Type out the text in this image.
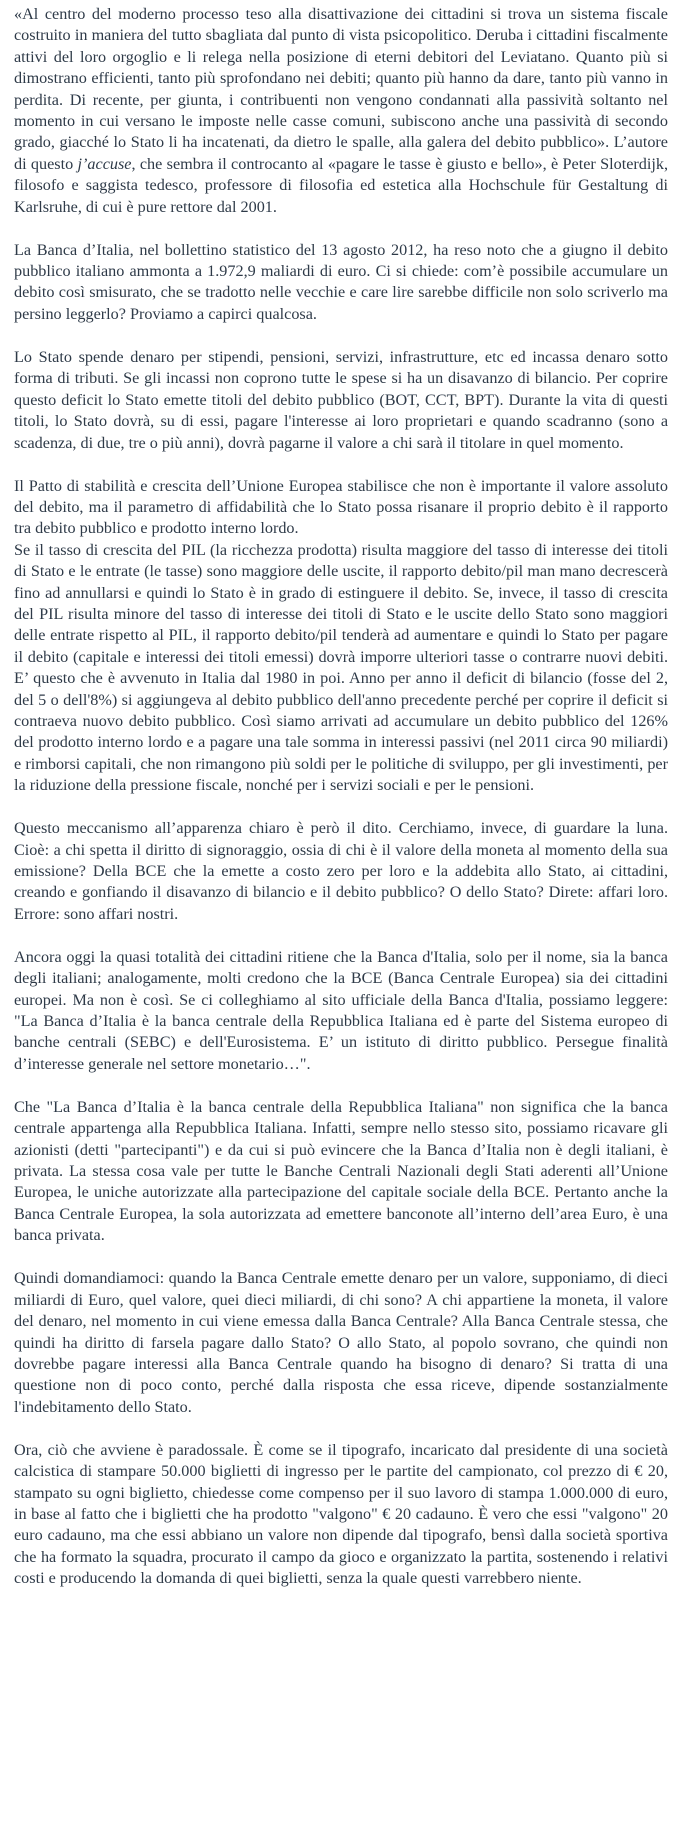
«Al centro del moderno processo teso alla disattivazione dei cittadini si trova un sistema fiscale costruito in maniera del tutto sbagliata dal punto di vista psicopolitico. Deruba i cittadini fiscalmente attivi del loro orgoglio e li relega nella posizione di eterni debitori del Leviatano. Quanto più si dimostrano efficienti, tanto più sprofondano nei debiti; quanto più hanno da dare, tanto più vanno in perdita. Di recente, per giunta, i contribuenti non vengono condannati alla passività soltanto nel momento in cui versano le imposte nelle casse comuni, subiscono anche una passività di secondo grado, giacché lo Stato li ha incatenati, da dietro le spalle, alla galera del debito pubblico». L’autore di questo j’accuse, che sembra il controcanto al «pagare le tasse è giusto e bello», è Peter Sloterdijk, filosofo e saggista tedesco, professore di filosofia ed estetica alla Hochschule für Gestaltung di Karlsruhe, di cui è pure rettore dal 2001.

La Banca d’Italia, nel bollettino statistico del 13 agosto 2012, ha reso noto che a giugno il debito pubblico italiano ammonta a 1.972,9 maliardi di euro. Ci si chiede: com’è possibile accumulare un debito così smisurato, che se tradotto nelle vecchie e care lire sarebbe difficile non solo scriverlo ma persino leggerlo? Proviamo a capirci qualcosa.

Lo Stato spende denaro per stipendi, pensioni, servizi, infrastrutture, etc ed incassa denaro sotto forma di tributi. Se gli incassi non coprono tutte le spese si ha un disavanzo di bilancio. Per coprire questo deficit lo Stato emette titoli del debito pubblico (BOT, CCT, BPT). Durante la vita di questi titoli, lo Stato dovrà, su di essi, pagare l'interesse ai loro proprietari e quando scadranno (sono a scadenza, di due, tre o più anni), dovrà pagarne il valore a chi sarà il titolare in quel momento.

Il Patto di stabilità e crescita dell’Unione Europea stabilisce che non è importante il valore assoluto del debito, ma il parametro di affidabilità che lo Stato possa risanare il proprio debito è il rapporto tra debito pubblico e prodotto interno lordo.

Se il tasso di crescita del PIL (la ricchezza prodotta) risulta maggiore del tasso di interesse dei titoli di Stato e le entrate (le tasse) sono maggiore delle uscite, il rapporto debito/pil man mano decrescerà fino ad annullarsi e quindi lo Stato è in grado di estinguere il debito. Se, invece, il tasso di crescita del PIL risulta minore del tasso di interesse dei titoli di Stato e le uscite dello Stato sono maggiori delle entrate rispetto al PIL, il rapporto debito/pil tenderà ad aumentare e quindi lo Stato per pagare il debito (capitale e interessi dei titoli emessi) dovrà imporre ulteriori tasse o contrarre nuovi debiti. E’ questo che è avvenuto in Italia dal 1980 in poi. Anno per anno il deficit di bilancio (fosse del 2, del 5 o dell'8%) si aggiungeva al debito pubblico dell'anno precedente perché per coprire il deficit si contraeva nuovo debito pubblico. Così siamo arrivati ad accumulare un debito pubblico del 126% del prodotto interno lordo e a pagare una tale somma in interessi passivi (nel 2011 circa 90 miliardi) e rimborsi capitali, che non rimangono più soldi per le politiche di sviluppo, per gli investimenti, per la riduzione della pressione fiscale, nonché per i servizi sociali e per le pensioni.

Questo meccanismo all’apparenza chiaro è però il dito. Cerchiamo, invece, di guardare la luna. Cioè: a chi spetta il diritto di signoraggio, ossia di chi è il valore della moneta al momento della sua emissione? Della BCE che la emette a costo zero per loro e la addebita allo Stato, ai cittadini, creando e gonfiando il disavanzo di bilancio e il debito pubblico? O dello Stato? Direte: affari loro. Errore: sono affari nostri.

Ancora oggi la quasi totalità dei cittadini ritiene che la Banca d'Italia, solo per il nome, sia la banca degli italiani; analogamente, molti credono che la BCE (Banca Centrale Europea) sia dei cittadini europei. Ma non è così. Se ci colleghiamo al sito ufficiale della Banca d'Italia, possiamo leggere: "La Banca d’Italia è la banca centrale della Repubblica Italiana ed è parte del Sistema europeo di banche centrali (SEBC) e dell'Eurosistema. E’ un istituto di diritto pubblico. Persegue finalità d’interesse generale nel settore monetario…".

Che "La Banca d’Italia è la banca centrale della Repubblica Italiana" non significa che la banca centrale appartenga alla Repubblica Italiana. Infatti, sempre nello stesso sito, possiamo ricavare gli azionisti (detti "partecipanti") e da cui si può evincere che la Banca d’Italia non è degli italiani, è privata. La stessa cosa vale per tutte le Banche Centrali Nazionali degli Stati aderenti all’Unione Europea, le uniche autorizzate alla partecipazione del capitale sociale della BCE. Pertanto anche la Banca Centrale Europea, la sola autorizzata ad emettere banconote all’interno dell’area Euro, è una banca privata.

Quindi domandiamoci: quando la Banca Centrale emette denaro per un valore, supponiamo, di dieci miliardi di Euro, quel valore, quei dieci miliardi, di chi sono? A chi appartiene la moneta, il valore del denaro, nel momento in cui viene emessa dalla Banca Centrale? Alla Banca Centrale stessa, che quindi ha diritto di farsela pagare dallo Stato? O allo Stato, al popolo sovrano, che quindi non dovrebbe pagare interessi alla Banca Centrale quando ha bisogno di denaro? Si tratta di una questione non di poco conto, perché dalla risposta che essa riceve, dipende sostanzialmente l'indebitamento dello Stato.

Ora, ciò che avviene è paradossale. È come se il tipografo, incaricato dal presidente di una società calcistica di stampare 50.000 biglietti di ingresso per le partite del campionato, col prezzo di € 20, stampato su ogni biglietto, chiedesse come compenso per il suo lavoro di stampa 1.000.000 di euro, in base al fatto che i biglietti che ha prodotto "valgono" € 20 cadauno. È vero che essi "valgono" 20 euro cadauno, ma che essi abbiano un valore non dipende dal tipografo, bensì dalla società sportiva che ha formato la squadra, procurato il campo da gioco e organizzato la partita, sostenendo i relativi costi e producendo la domanda di quei biglietti, senza la quale questi varrebbero niente.
